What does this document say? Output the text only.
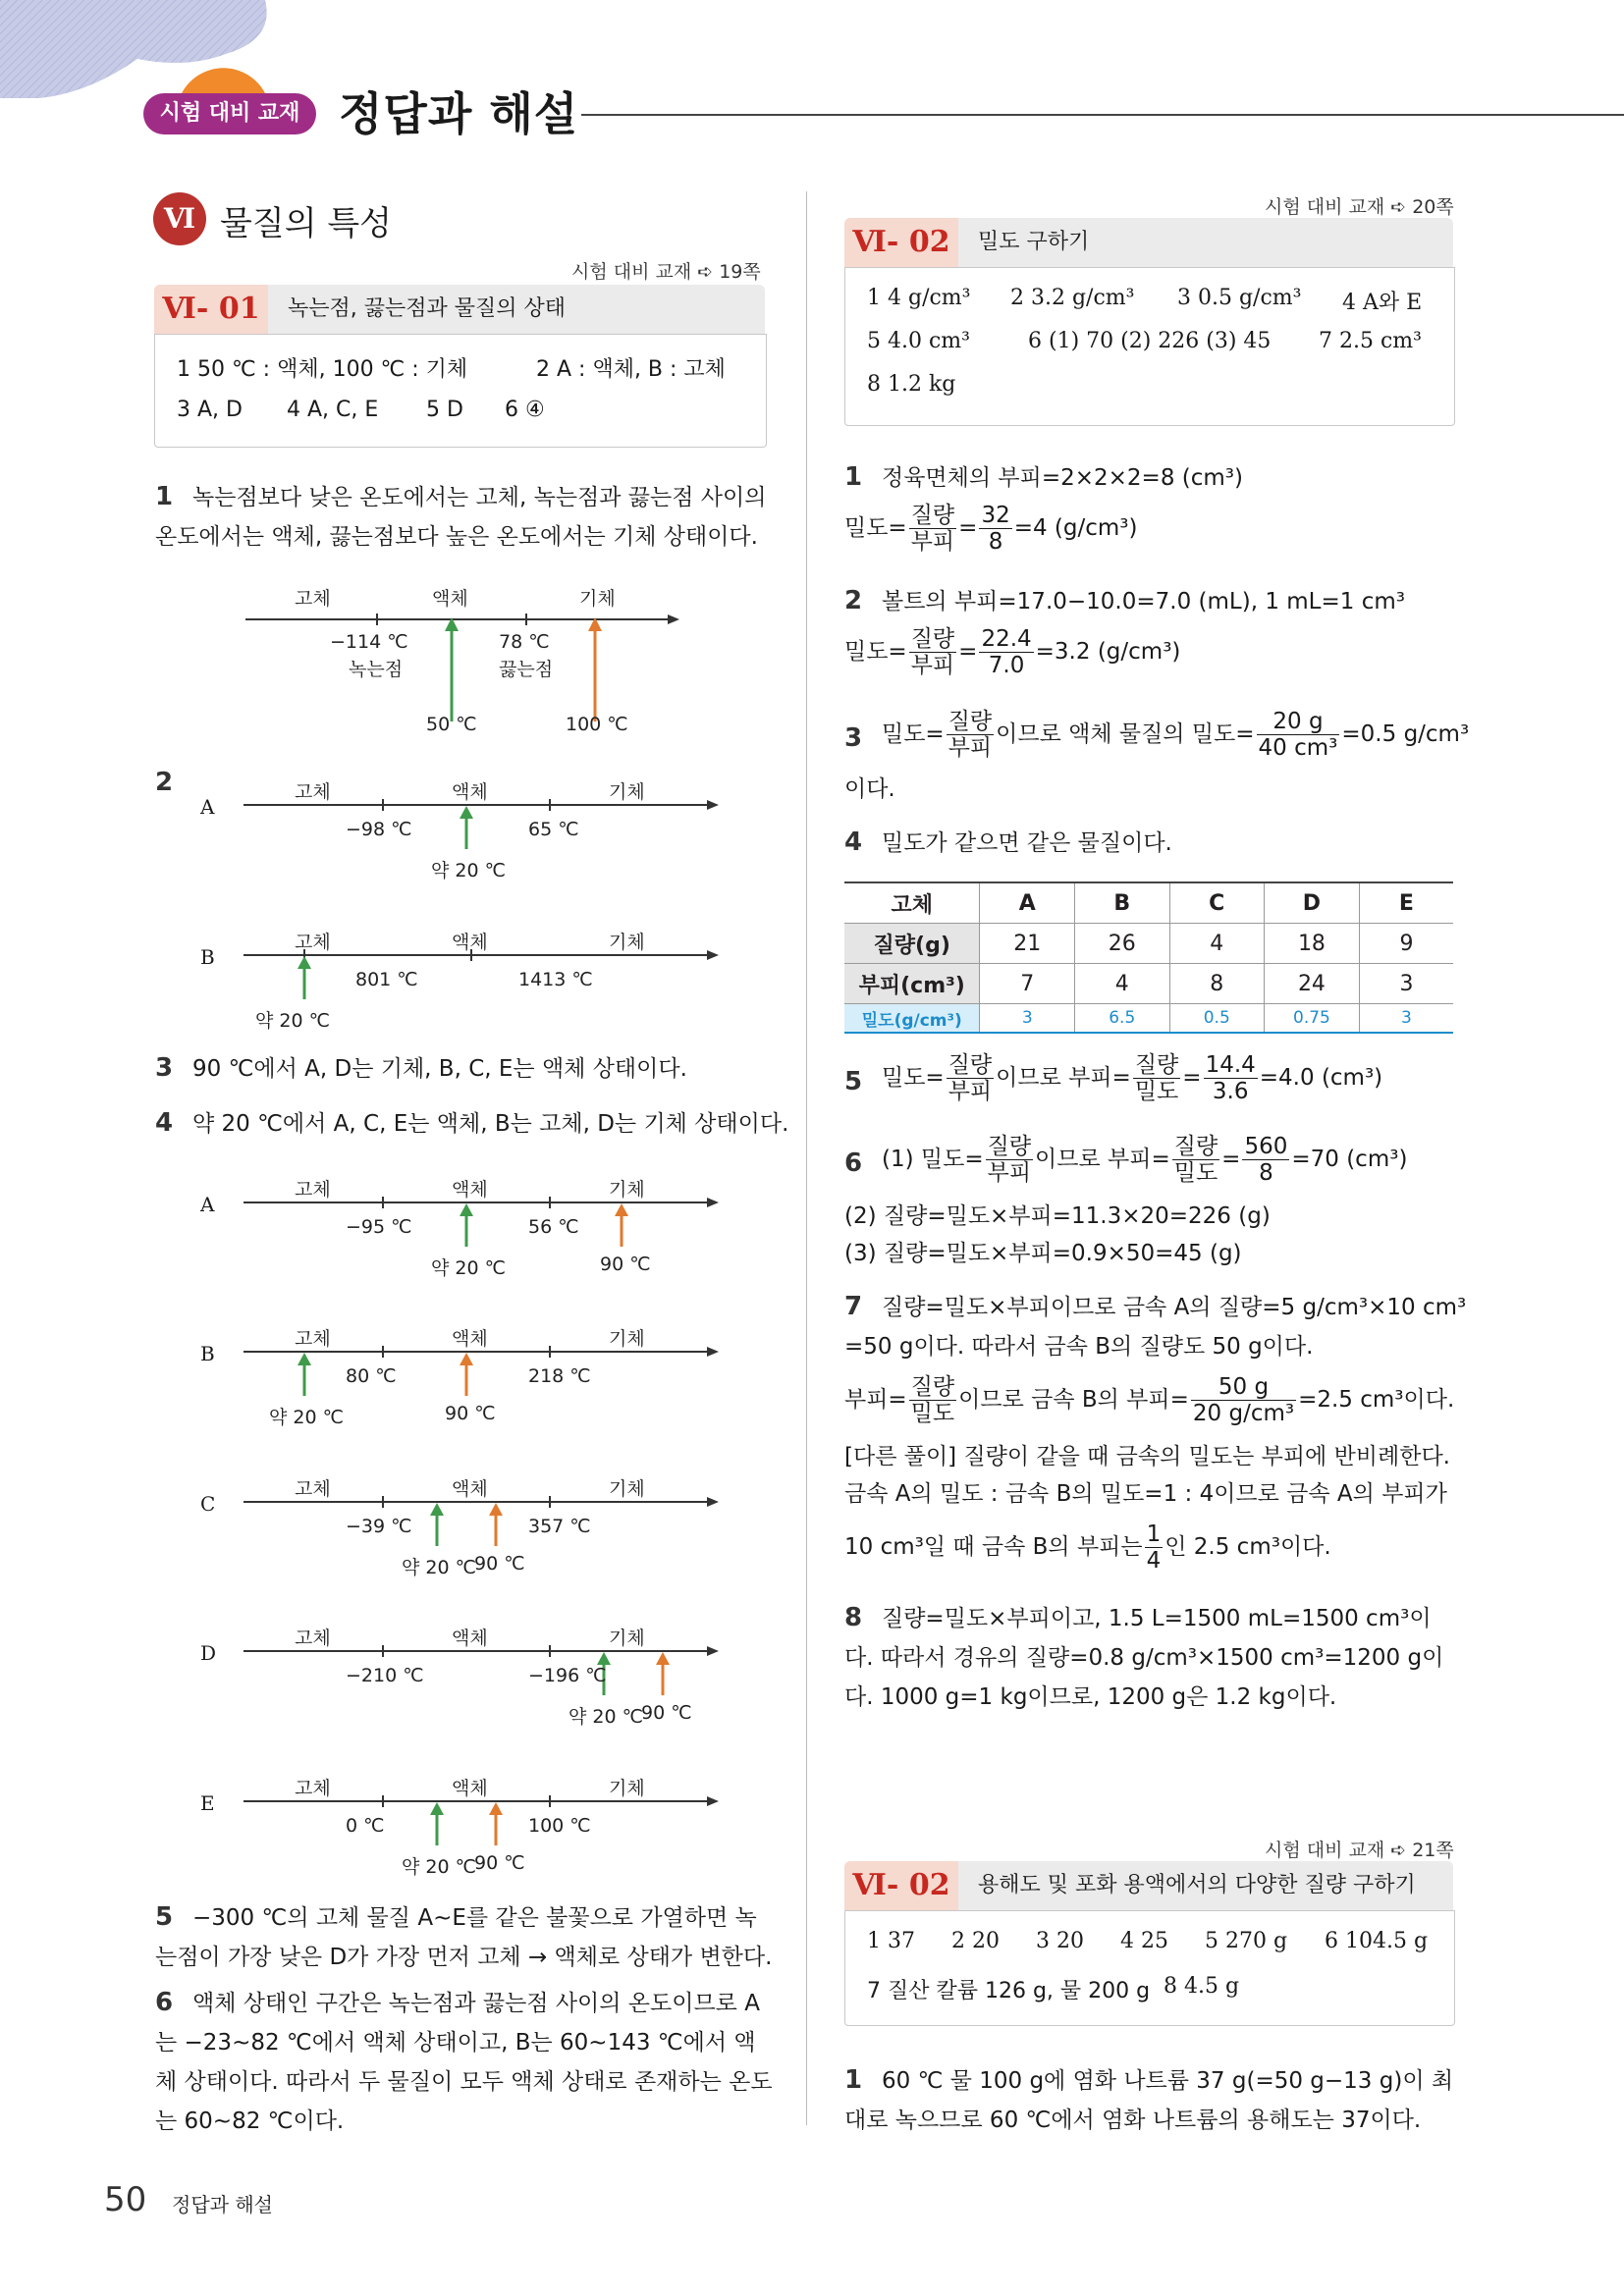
시험 대비 교재 정답과 해설
Ⅵ 물질의 특성
시험 대비 교재 ➪ 19쪽
Ⅵ- 01	녹는점, 끓는점과 물질의 상태
1 50 ℃ : 액체, 100 ℃ : 기체	2 A : 액체, B : 고체
3 A, D 4 A, C, E 5 D 6 ④
1 녹는점보다 낮은 온도에서는 고체, 녹는점과 끓는점 사이의
온도에서는 액체, 끓는점보다 높은 온도에서는 기체 상태이다.
고체	액체	기체
−114 ℃
녹는점
78 ℃
끓는점
50 ℃	100 ℃
2
A
고체	액체	기체
−98 ℃	65 ℃
약 20 ℃
B
고체	액체	기체
801 ℃	1413 ℃
약 20 ℃
A
고체	액체	기체
−95 ℃	56 ℃
약 20 ℃	90 ℃
B
고체	액체	기체
80 ℃	218 ℃
약 20 ℃	90 ℃
C
고체	액체	기체
−39 ℃	357 ℃
약 20 ℃
90 ℃
D
고체	액체	기체
−210 ℃	−196 ℃
약 20 ℃
90 ℃
E
고체	액체	기체
0 ℃	100 ℃
약 20 ℃
90 ℃
3 90 ℃에서 A, D는 기체, B, C, E는 액체 상태이다.
4 약 20 ℃에서 A, C, E는 액체, B는 고체, D는 기체 상태이다.
5 −300 ℃의 고체 물질 A~E를 같은 불꽃으로 가열하면 녹
는점이 가장 낮은 D가 가장 먼저 고체 → 액체로 상태가 변한다.
6 액체 상태인 구간은 녹는점과 끓는점 사이의 온도이므로 A
는 −23~82 ℃에서 액체 상태이고, B는 60~143 ℃에서 액
체 상태이다. 따라서 두 물질이 모두 액체 상태로 존재하는 온도
는 60~82 ℃이다.
시험 대비 교재 ➪ 20쪽
Ⅵ- 02	밀도 구하기
1 4 g/cm³ 2 3.2 g/cm³ 3 0.5 g/cm³ 4 A와 E
5 4.0 cm³	6 (1) 70 (2) 226 (3) 45 7 2.5 cm³
8 1.2 kg
1 정육면체의 부피=2×2×2=8 (cm³)
밀도= $\frac{\text{질량}}{\text{부피}} = \frac{32}{8} =4$ (g/cm³)
2 볼트의 부피=17.0−10.0=7.0 (mL), 1 mL=1 cm³
밀도= $\frac{\text{질량}}{\text{부피}} = \frac{22.4}{7.0} =3.2$ (g/cm³)
3 밀도= $\frac{\text{질량}}{\text{부피}}$ 이므로 액체 물질의 밀도= $\frac{20 g}{\text{40 cm³}} =0.5$ g/cm³
이다.
4 밀도가 같으면 같은 물질이다.
고체	A	B	C	D	E
질량(g)	21	26	4	18	9
부피(cm³)	7	4	8	24	3
밀도(g/cm³)	3	6.5	0.5	0.75	3
5 밀도= $\frac{\text{질량}}{\text{부피}}$ 이므로 부피= $\frac{\text{질량}}{\text{밀도}} = \frac{14.4}{3.6} =4.0$ (cm³)
6 (1) 밀도= $\frac{\text{질량}}{\text{부피}}$ 이므로 부피= $\frac{\text{질량}}{\text{밀도}} = \frac{560}{8} =70$ (cm³)
(2) 질량=밀도×부피=11.3×20=226 (g)
(3) 질량=밀도×부피=0.9×50=45 (g)
7 질량=밀도×부피이므로 금속 A의 질량=5 g/cm³×10 cm³
=50 g이다. 따라서 금속 B의 질량도 50 g이다.
부피= $\frac{\text{질량}}{\text{밀도}}$ 이므로 금속 B의 부피= $\frac{50 g}{\text{20 g/cm³}} =2.5$ cm³이다.
[다른 풀이] 질량이 같을 때 금속의 밀도는 부피에 반비례한다.
금속 A의 밀도 : 금속 B의 밀도=1 : 4이므로 금속 A의 부피가
10 cm³일 때 금속 B의 부피는 $\frac{1}{4}$ 인 2.5 cm³이다.
8 질량=밀도×부피이고, 1.5 L=1500 mL=1500 cm³이
다. 따라서 경유의 질량=0.8 g/cm³×1500 cm³=1200 g이
다. 1000 g=1 kg이므로, 1200 g은 1.2 kg이다.
시험 대비 교재 ➪ 21쪽
Ⅵ- 02	용해도 및 포화 용액에서의 다양한 질량 구하기
1 37 2 20 3 20 4 25 5 270 g 6 104.5 g
7 질산 칼륨 126 g, 물 200 g 8 4.5 g
1 60 ℃ 물 100 g에 염화 나트륨 37 g(=50 g−13 g)이 최
대로 녹으므로 60 ℃에서 염화 나트륨의 용해도는 37이다.
50 정답과 해설
